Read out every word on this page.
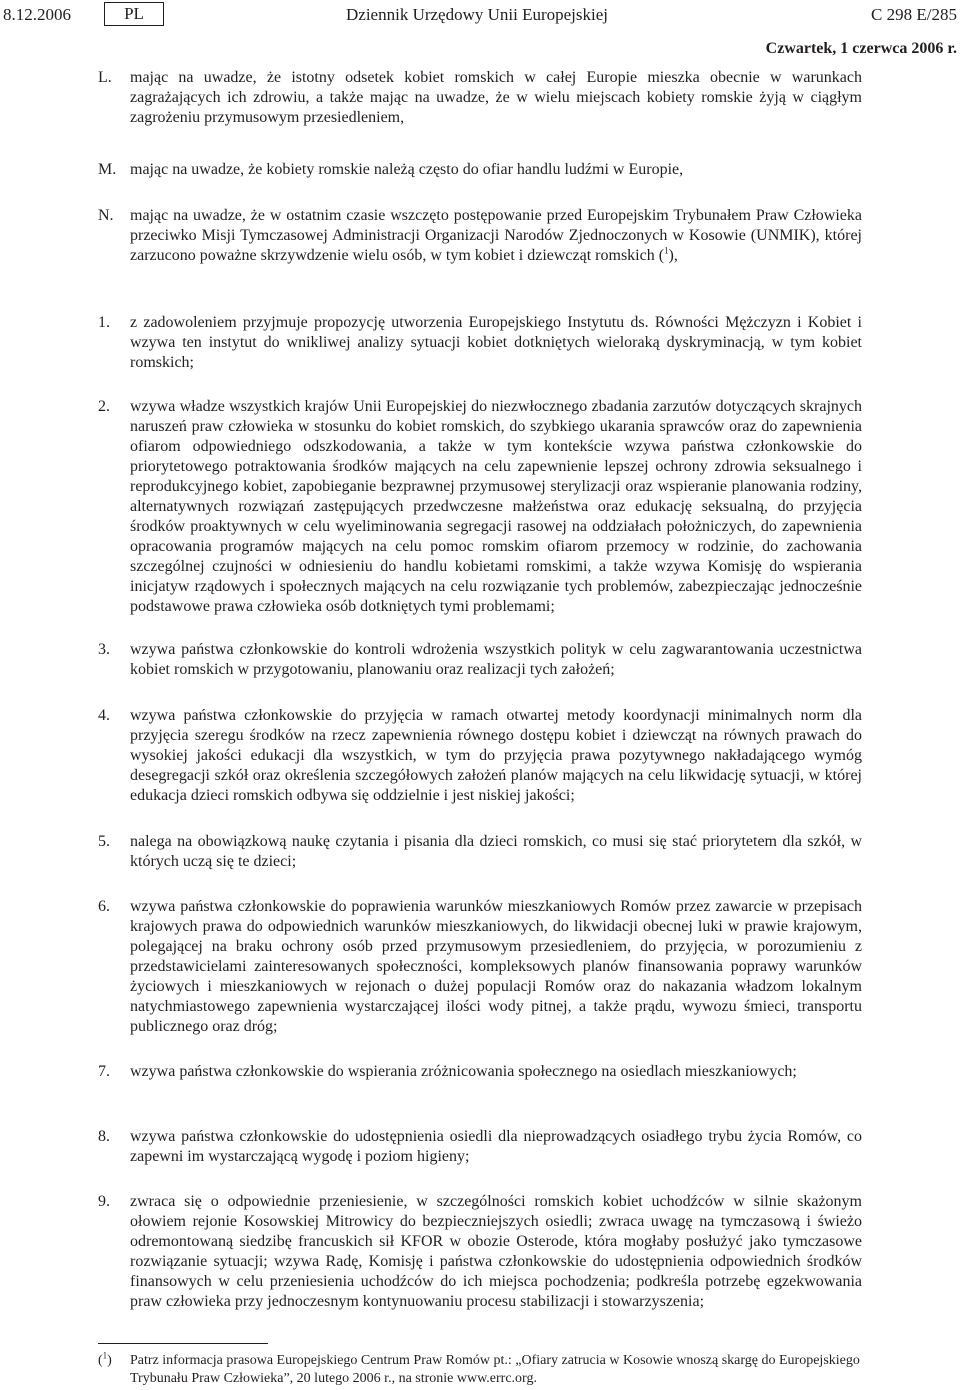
8.12.2006	PL	Dziennik Urzędowy Unii Europejskiej	C 298 E/285
Czwartek, 1 czerwca 2006 r.
L. mając na uwadze, że istotny odsetek kobiet romskich w całej Europie mieszka obecnie w warunkach zagrażających ich zdrowiu, a także mając na uwadze, że w wielu miejscach kobiety romskie żyją w ciągłym zagrożeniu przymusowym przesiedleniem,
M. mając na uwadze, że kobiety romskie należą często do ofiar handlu ludźmi w Europie,
N. mając na uwadze, że w ostatnim czasie wszczęto postępowanie przed Europejskim Trybunałem Praw Człowieka przeciwko Misji Tymczasowej Administracji Organizacji Narodów Zjednoczonych w Kosowie (UNMIK), której zarzucono poważne skrzywdzenie wielu osób, w tym kobiet i dziewcząt romskich ($^1$),
1. z zadowoleniem przyjmuje propozycję utworzenia Europejskiego Instytutu ds. Równości Mężczyzn i Kobiet i wzywa ten instytut do wnikliwej analizy sytuacji kobiet dotkniętych wieloraką dyskryminacją, w tym kobiet romskich;
2. wzywa władze wszystkich krajów Unii Europejskiej do niezwłocznego zbadania zarzutów dotyczących skrajnych naruszeń praw człowieka w stosunku do kobiet romskich, do szybkiego ukarania sprawców oraz do zapewnienia ofiarom odpowiedniego odszkodowania, a także w tym kontekście wzywa państwa członkowskie do priorytetowego potraktowania środków mających na celu zapewnienie lepszej ochrony zdrowia seksualnego i reprodukcyjnego kobiet, zapobieganie bezprawnej przymusowej sterylizacji oraz wspieranie planowania rodziny, alternatywnych rozwiązań zastępujących przedwczesne małżeństwa oraz edukację seksualną, do przyjęcia środków proaktywnych w celu wyeliminowania segregacji rasowej na oddziałach położniczych, do zapewnienia opracowania programów mających na celu pomoc romskim ofiarom przemocy w rodzinie, do zachowania szczególnej czujności w odniesieniu do handlu kobietami romskimi, a także wzywa Komisję do wspierania inicjatyw rządowych i społecznych mających na celu rozwiązanie tych problemów, zabezpieczając jednocześnie podstawowe prawa człowieka osób dotkniętych tymi problemami;
3. wzywa państwa członkowskie do kontroli wdrożenia wszystkich polityk w celu zagwarantowania uczestnictwa kobiet romskich w przygotowaniu, planowaniu oraz realizacji tych założeń;
4. wzywa państwa członkowskie do przyjęcia w ramach otwartej metody koordynacji minimalnych norm dla przyjęcia szeregu środków na rzecz zapewnienia równego dostępu kobiet i dziewcząt na równych prawach do wysokiej jakości edukacji dla wszystkich, w tym do przyjęcia prawa pozytywnego nakładającego wymóg desegregacji szkół oraz określenia szczegółowych założeń planów mających na celu likwidację sytuacji, w której edukacja dzieci romskich odbywa się oddzielnie i jest niskiej jakości;
5. nalega na obowiązkową naukę czytania i pisania dla dzieci romskich, co musi się stać priorytetem dla szkół, w których uczą się te dzieci;
6. wzywa państwa członkowskie do poprawienia warunków mieszkaniowych Romów przez zawarcie w przepisach krajowych prawa do odpowiednich warunków mieszkaniowych, do likwidacji obecnej luki w prawie krajowym, polegającej na braku ochrony osób przed przymusowym przesiedleniem, do przyjęcia, w porozumieniu z przedstawicielami zainteresowanych społeczności, kompleksowych planów finansowania poprawy warunków życiowych i mieszkaniowych w rejonach o dużej populacji Romów oraz do nakazania władzom lokalnym natychmiastowego zapewnienia wystarczającej ilości wody pitnej, a także prądu, wywozu śmieci, transportu publicznego oraz dróg;
7. wzywa państwa członkowskie do wspierania zróżnicowania społecznego na osiedlach mieszkaniowych;
8. wzywa państwa członkowskie do udostępnienia osiedli dla nieprowadzących osiadłego trybu życia Romów, co zapewni im wystarczającą wygodę i poziom higieny;
9. zwraca się o odpowiednie przeniesienie, w szczególności romskich kobiet uchodźców w silnie skażonym ołowiem rejonie Kosowskiej Mitrowicy do bezpieczniejszych osiedli; zwraca uwagę na tymczasową i świeżo odremontowaną siedzibę francuskich sił KFOR w obozie Osterode, która mogłaby posłużyć jako tymczasowe rozwiązanie sytuacji; wzywa Radę, Komisję i państwa członkowskie do udostępnienia odpowiednich środków finansowych w celu przeniesienia uchodźców do ich miejsca pochodzenia; podkreśla potrzebę egzekwowania praw człowieka przy jednoczesnym kontynuowaniu procesu stabilizacji i stowarzyszenia;
($^1$) Patrz informacja prasowa Europejskiego Centrum Praw Romów pt.: „Ofiary zatrucia w Kosowie wnoszą skargę do Europejskiego Trybunału Praw Człowieka”, 20 lutego 2006 r., na stronie www.errc.org.
